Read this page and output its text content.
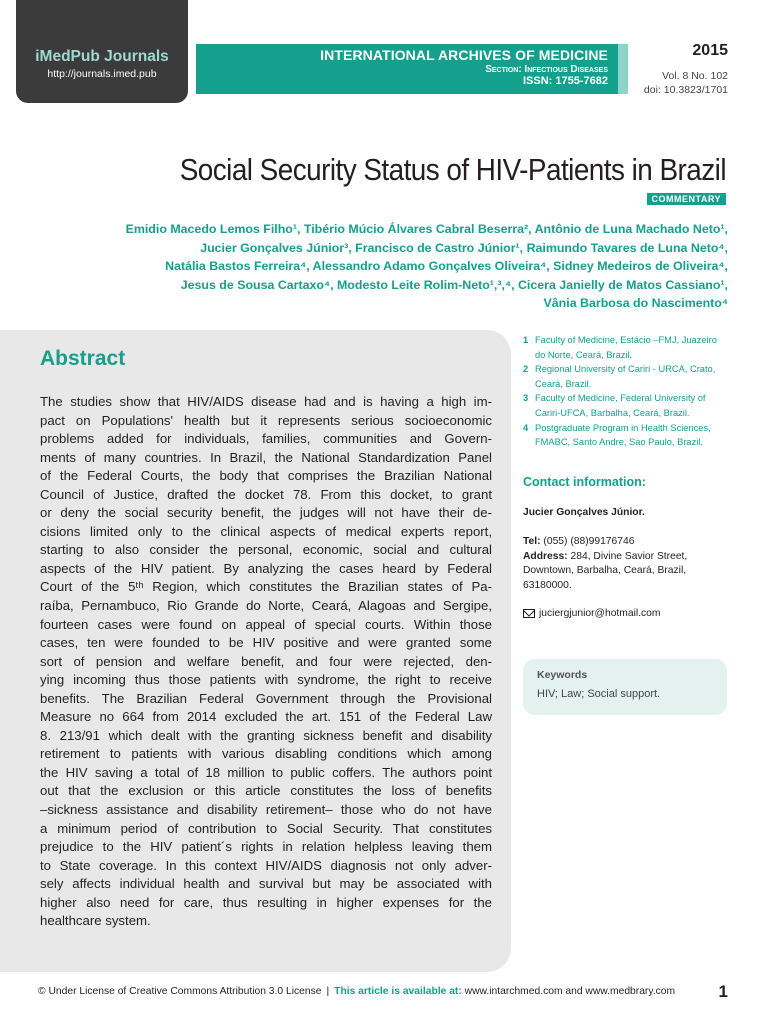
iMedPub Journals
http://journals.imed.pub
INTERNATIONAL ARCHIVES OF MEDICINE
Section: Infectious Diseases
ISSN: 1755-7682
2015
Vol. 8 No. 102
doi: 10.3823/1701
Social Security Status of HIV-Patients in Brazil
COMMENTARY
Emidio Macedo Lemos Filho¹, Tibério Múcio Álvares Cabral Beserra², Antônio de Luna Machado Neto¹,
Jucier Gonçalves Júnior³, Francisco de Castro Júnior¹, Raimundo Tavares de Luna Neto⁴,
Natália Bastos Ferreira⁴, Alessandro Adamo Gonçalves Oliveira⁴, Sidney Medeiros de Oliveira⁴,
Jesus de Sousa Cartaxo⁴, Modesto Leite Rolim-Neto¹,³,⁴, Cicera Janielly de Matos Cassiano¹,
Vânia Barbosa do Nascimento⁴
Abstract
The studies show that HIV/AIDS disease had and is having a high im-
pact on Populations' health but it represents serious socioeconomic
problems added for individuals, families, communities and Govern-
ments of many countries. In Brazil, the National Standardization Panel
of the Federal Courts, the body that comprises the Brazilian National
Council of Justice, drafted the docket 78. From this docket, to grant
or deny the social security benefit, the judges will not have their de-
cisions limited only to the clinical aspects of medical experts report,
starting to also consider the personal, economic, social and cultural
aspects of the HIV patient. By analyzing the cases heard by Federal
Court of the 5ᵗʰ Region, which constitutes the Brazilian states of Pa-
raíba, Pernambuco, Rio Grande do Norte, Ceará, Alagoas and Sergipe,
fourteen cases were found on appeal of special courts. Within those
cases, ten were founded to be HIV positive and were granted some
sort of pension and welfare benefit, and four were rejected, den-
ying incoming thus those patients with syndrome, the right to receive
benefits. The Brazilian Federal Government through the Provisional
Measure no 664 from 2014 excluded the art. 151 of the Federal Law
8. 213/91 which dealt with the granting sickness benefit and disability
retirement to patients with various disabling conditions which among
the HIV saving a total of 18 million to public coffers. The authors point
out that the exclusion or this article constitutes the loss of benefits
–sickness assistance and disability retirement– those who do not have
a minimum period of contribution to Social Security. That constitutes
prejudice to the HIV patient´s rights in relation helpless leaving them
to State coverage. In this context HIV/AIDS diagnosis not only adver-
sely affects individual health and survival but may be associated with
higher also need for care, thus resulting in higher expenses for the
healthcare system.
1 Faculty of Medicine, Estácio –FMJ, Juazeiro
do Norte, Ceará, Brazil.
2 Regional University of Cariri - URCA, Crato,
Ceará, Brazil.
3 Faculty of Medicine, Federal University of
Cariri-UFCA, Barbalha, Ceará, Brazil.
4 Postgraduate Program in Health Sciences,
FMABC, Santo Andre, Sao Paulo, Brazil.
Contact information:
Jucier Gonçalves Júnior.
Tel: (055) (88)99176746
Address: 284, Divine Savior Street,
Downtown, Barbalha, Ceará, Brazil,
63180000.
juciergjunior@hotmail.com
Keywords
HIV; Law; Social support.
© Under License of Creative Commons Attribution 3.0 License | This article is available at: www.intarchmed.com and www.medbrary.com	1
